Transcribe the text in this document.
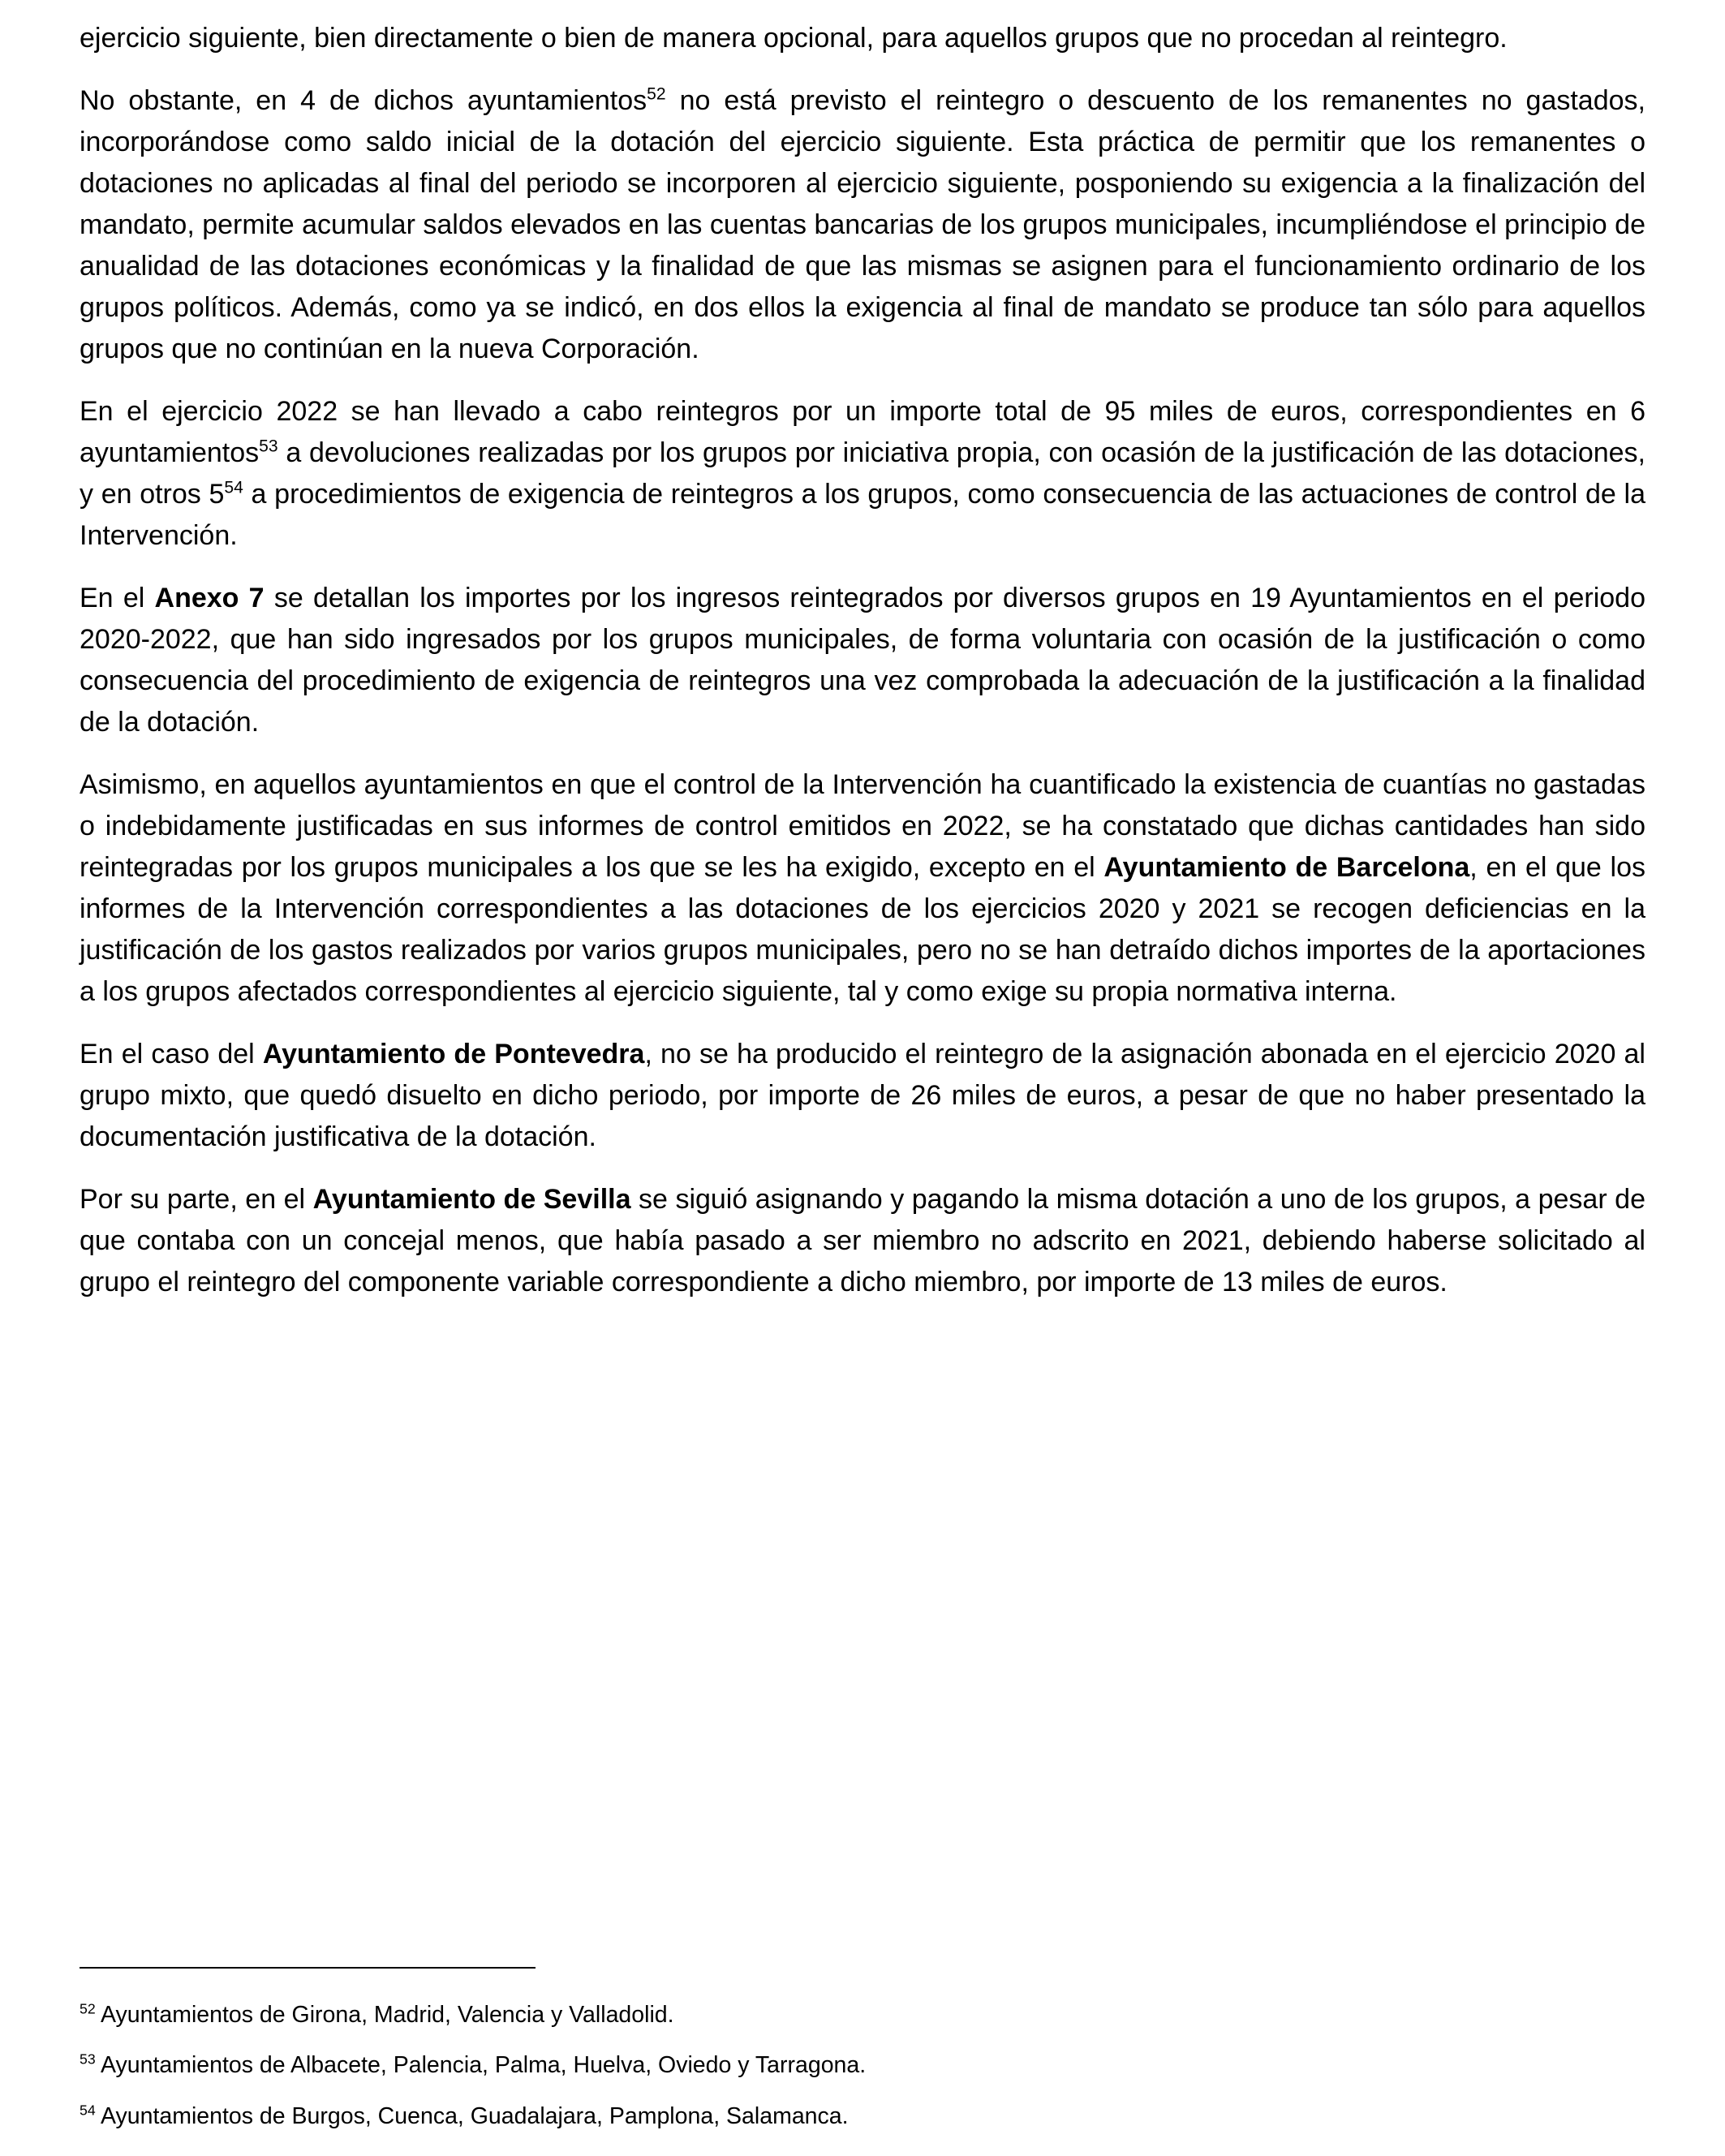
ejercicio siguiente, bien directamente o bien de manera opcional, para aquellos grupos que no procedan al reintegro.

No obstante, en 4 de dichos ayuntamientos$^{52}$ no está previsto el reintegro o descuento de los remanentes no gastados, incorporándose como saldo inicial de la dotación del ejercicio siguiente. Esta práctica de permitir que los remanentes o dotaciones no aplicadas al final del periodo se incorporen al ejercicio siguiente, posponiendo su exigencia a la finalización del mandato, permite acumular saldos elevados en las cuentas bancarias de los grupos municipales, incumpliéndose el principio de anualidad de las dotaciones económicas y la finalidad de que las mismas se asignen para el funcionamiento ordinario de los grupos políticos. Además, como ya se indicó, en dos ellos la exigencia al final de mandato se produce tan sólo para aquellos grupos que no continúan en la nueva Corporación.

En el ejercicio 2022 se han llevado a cabo reintegros por un importe total de 95 miles de euros, correspondientes en 6 ayuntamientos$^{53}$ a devoluciones realizadas por los grupos por iniciativa propia, con ocasión de la justificación de las dotaciones, y en otros $5^{54}$ a procedimientos de exigencia de reintegros a los grupos, como consecuencia de las actuaciones de control de la Intervención.

En el Anexo 7 se detallan los importes por los ingresos reintegrados por diversos grupos en 19 Ayuntamientos en el periodo 2020-2022, que han sido ingresados por los grupos municipales, de forma voluntaria con ocasión de la justificación o como consecuencia del procedimiento de exigencia de reintegros una vez comprobada la adecuación de la justificación a la finalidad de la dotación.

Asimismo, en aquellos ayuntamientos en que el control de la Intervención ha cuantificado la existencia de cuantías no gastadas o indebidamente justificadas en sus informes de control emitidos en 2022, se ha constatado que dichas cantidades han sido reintegradas por los grupos municipales a los que se les ha exigido, excepto en el Ayuntamiento de Barcelona, en el que los informes de la Intervención correspondientes a las dotaciones de los ejercicios 2020 y 2021 se recogen deficiencias en la justificación de los gastos realizados por varios grupos municipales, pero no se han detraído dichos importes de la aportaciones a los grupos afectados correspondientes al ejercicio siguiente, tal y como exige su propia normativa interna.

En el caso del Ayuntamiento de Pontevedra, no se ha producido el reintegro de la asignación abonada en el ejercicio 2020 al grupo mixto, que quedó disuelto en dicho periodo, por importe de 26 miles de euros, a pesar de que no haber presentado la documentación justificativa de la dotación.

Por su parte, en el Ayuntamiento de Sevilla se siguió asignando y pagando la misma dotación a uno de los grupos, a pesar de que contaba con un concejal menos, que había pasado a ser miembro no adscrito en 2021, debiendo haberse solicitado al grupo el reintegro del componente variable correspondiente a dicho miembro, por importe de 13 miles de euros.

$^{52}$ Ayuntamientos de Girona, Madrid, Valencia y Valladolid.

$^{53}$ Ayuntamientos de Albacete, Palencia, Palma, Huelva, Oviedo y Tarragona.

$^{54}$ Ayuntamientos de Burgos, Cuenca, Guadalajara, Pamplona, Salamanca.
